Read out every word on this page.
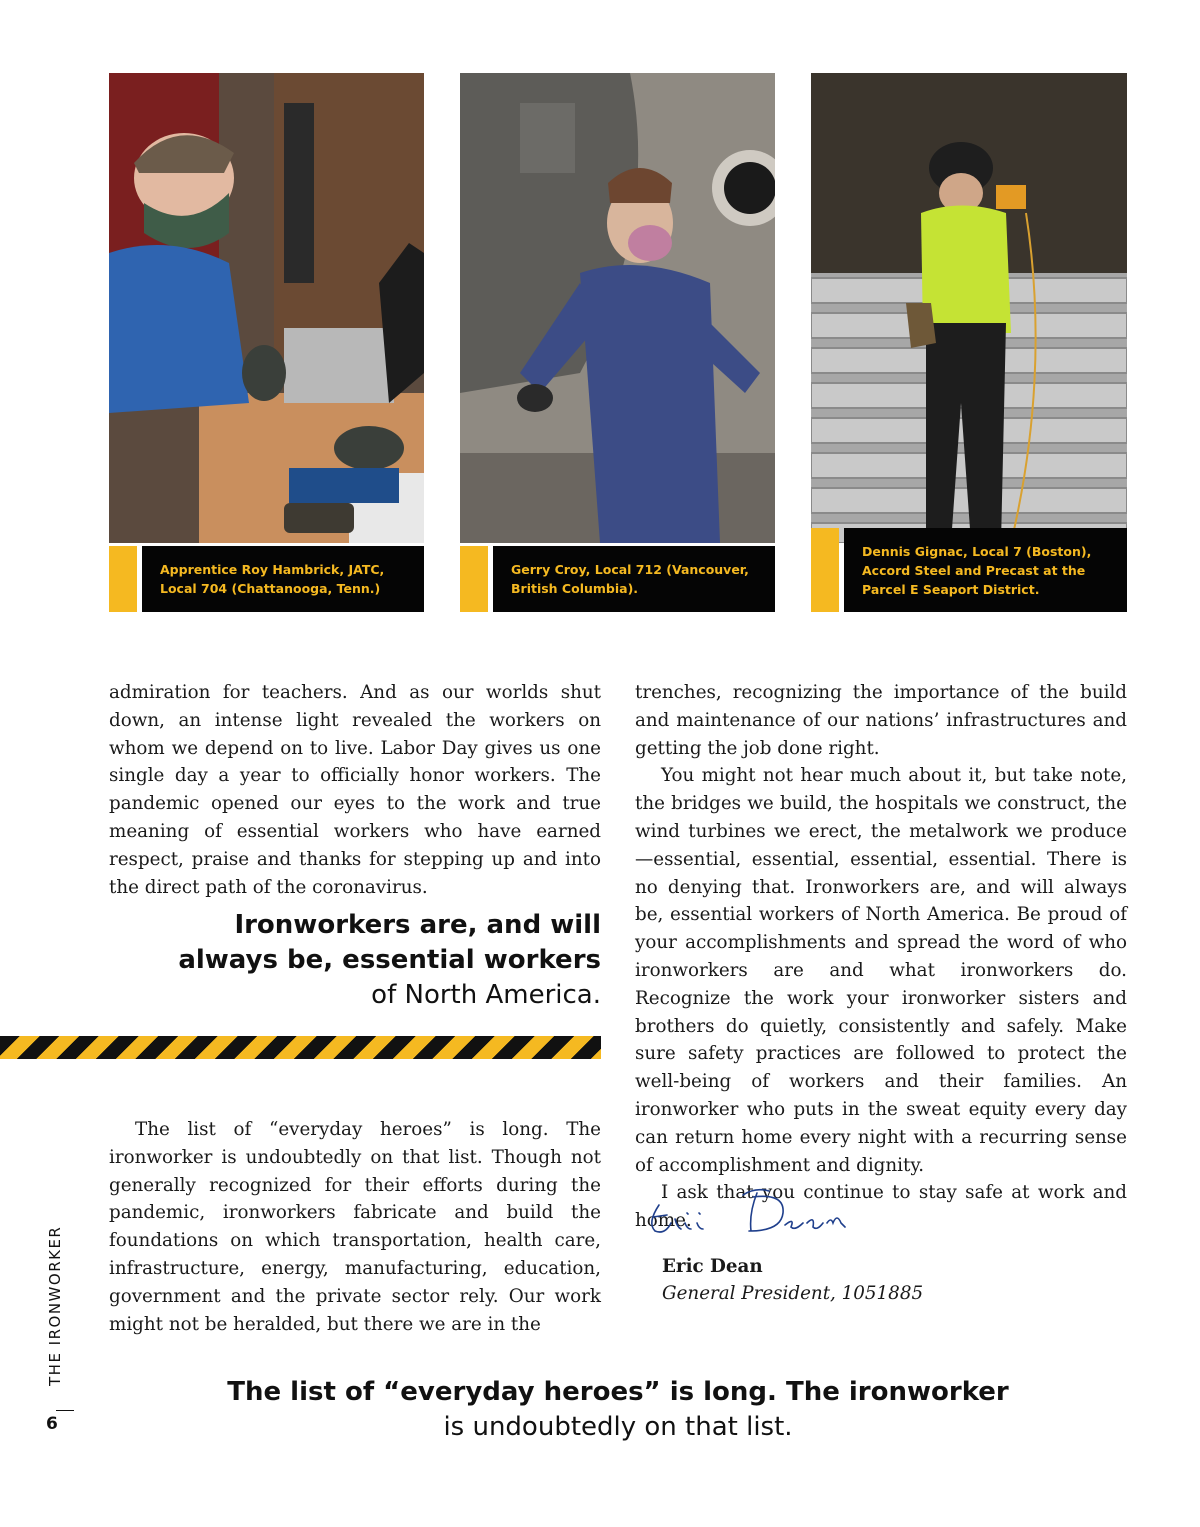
Apprentice Roy Hambrick, JATC, Local 704 (Chattanooga, Tenn.)
Gerry Croy, Local 712 (Vancouver, British Columbia).
Dennis Gignac, Local 7 (Boston), Accord Steel and Precast at the Parcel E Seaport District.

admiration for teachers. And as our worlds shut down, an intense light revealed the workers on whom we depend on to live. Labor Day gives us one single day a year to officially honor workers. The pandemic opened our eyes to the work and true meaning of essential workers who have earned respect, praise and thanks for stepping up and into the direct path of the coronavirus.

Ironworkers are, and will
always be, essential workers
of North America.

The list of “everyday heroes” is long. The ironworker is undoubtedly on that list. Though not generally recognized for their efforts during the pandemic, ironworkers fabricate and build the foundations on which transportation, health care, infrastructure, energy, manufacturing, education, government and the private sector rely. Our work might not be heralded, but there we are in the

trenches, recognizing the importance of the build and maintenance of our nations’ infrastructures and getting the job done right.

You might not hear much about it, but take note, the bridges we build, the hospitals we construct, the wind turbines we erect, the metalwork we produce—essential, essential, essential, essential. There is no denying that. Ironworkers are, and will always be, essential workers of North America. Be proud of your accomplishments and spread the word of who ironworkers are and what ironworkers do. Recognize the work your ironworker sisters and brothers do quietly, consistently and safely. Make sure safety practices are followed to protect the well-being of workers and their families. An ironworker who puts in the sweat equity every day can return home every night with a recurring sense of accomplishment and dignity.

I ask that you continue to stay safe at work and home.

Eric Dean

General President, 1051885

The list of “everyday heroes” is long. The ironworker
is undoubtedly on that list.
THE IRONWORKER
6
